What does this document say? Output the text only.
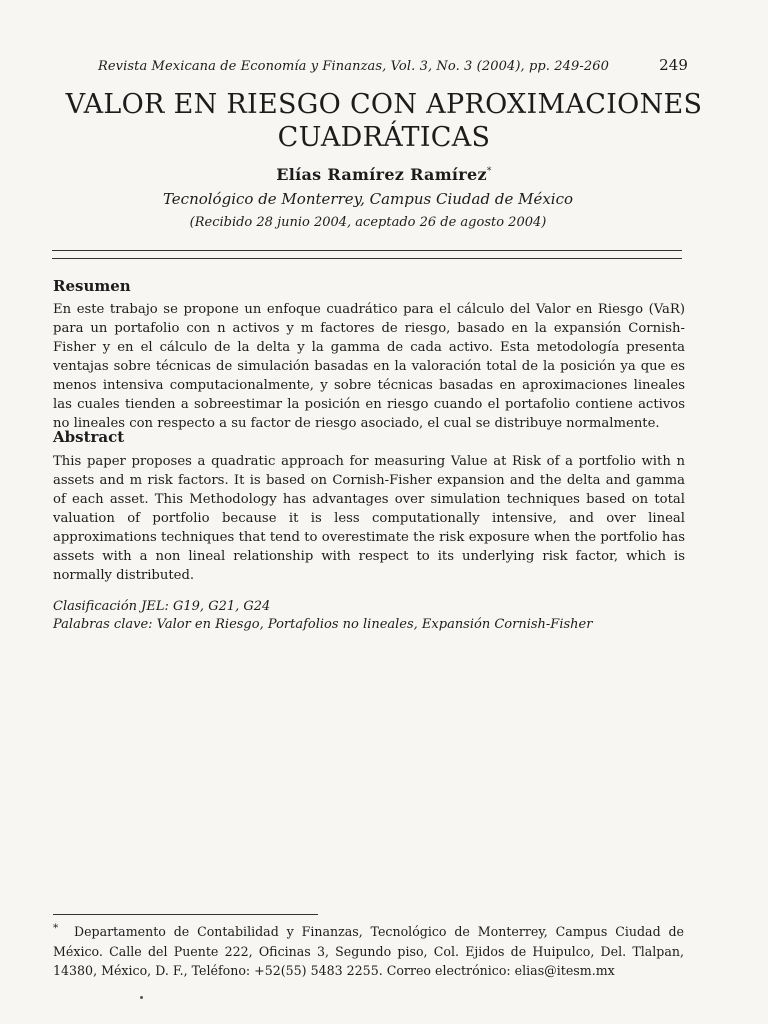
Revista Mexicana de Economía y Finanzas, Vol. 3, No. 3 (2004), pp. 249-260	249
VALOR EN RIESGO CON APROXIMACIONES
CUADRÁTICAS
Elías Ramírez Ramírez*
Tecnológico de Monterrey, Campus Ciudad de México
(Recibido 28 junio 2004, aceptado 26 de agosto 2004)
Resumen
En este trabajo se propone un enfoque cuadrático para el cálculo del Valor en Riesgo (VaR) para un portafolio con n activos y m factores de riesgo, basado en la expansión Cornish-Fisher y en el cálculo de la delta y la gamma de cada activo. Esta metodología presenta ventajas sobre técnicas de simulación basadas en la valoración total de la posición ya que es menos intensiva computacionalmente, y sobre técnicas basadas en aproximaciones lineales las cuales tienden a sobreestimar la posición en riesgo cuando el portafolio contiene activos no lineales con respecto a su factor de riesgo asociado, el cual se distribuye normalmente.
Abstract
This paper proposes a quadratic approach for measuring Value at Risk of a portfolio with n assets and m risk factors. It is based on Cornish-Fisher expansion and the delta and gamma of each asset. This Methodology has advantages over simulation techniques based on total valuation of portfolio because it is less computationally intensive, and over lineal approximations techniques that tend to overestimate the risk exposure when the portfolio has assets with a non lineal relationship with respect to its underlying risk factor, which is normally distributed.
Clasificación JEL: G19, G21, G24
Palabras clave: Valor en Riesgo, Portafolios no lineales, Expansión Cornish-Fisher
* Departamento de Contabilidad y Finanzas, Tecnológico de Monterrey, Campus Ciudad de México. Calle del Puente 222, Oficinas 3, Segundo piso, Col. Ejidos de Huipulco, Del. Tlalpan, 14380, México, D. F., Teléfono: +52(55) 5483 2255. Correo electrónico: elias@itesm.mx
